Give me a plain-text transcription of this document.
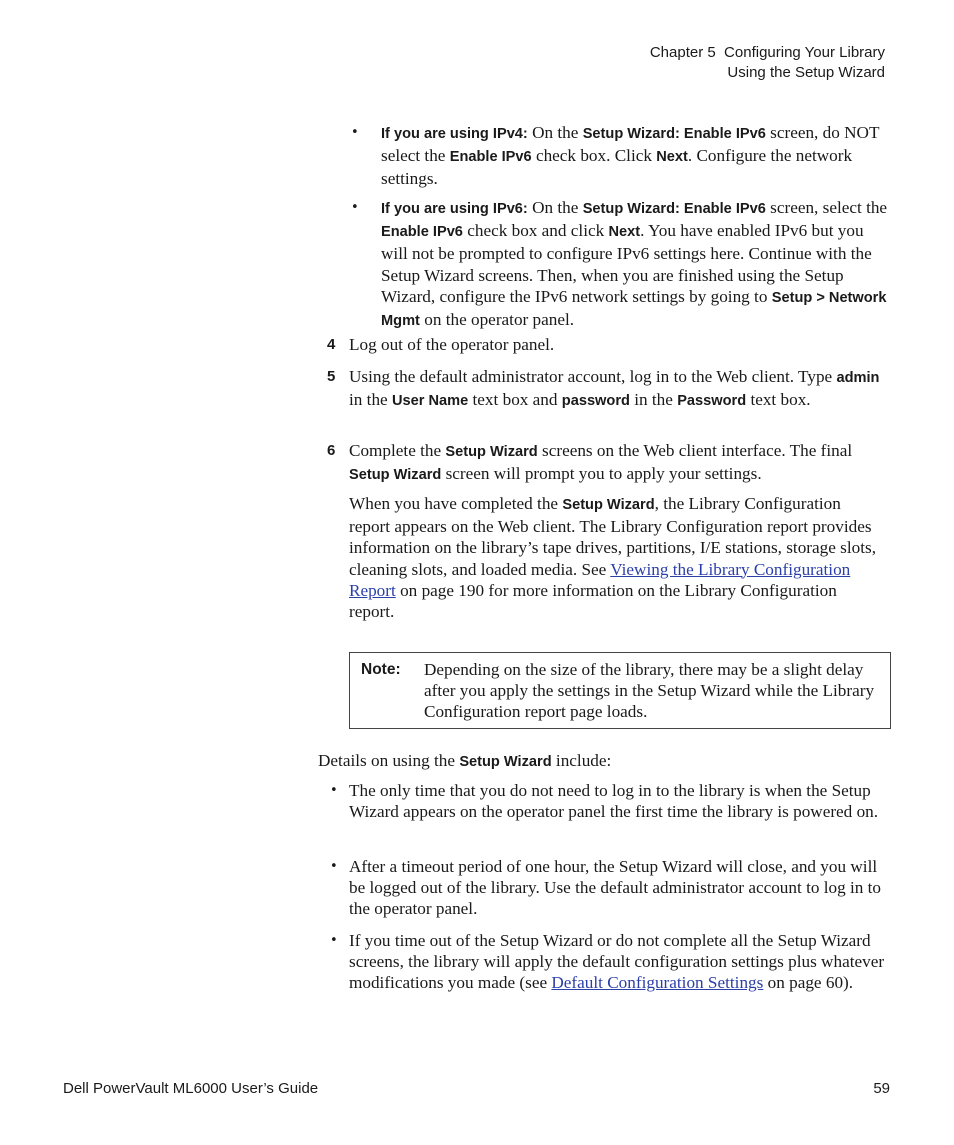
Chapter 5  Configuring Your Library
Using the Setup Wizard
• If you are using IPv4: On the Setup Wizard: Enable IPv6 screen, do NOT select the Enable IPv6 check box. Click Next. Configure the network settings.
• If you are using IPv6: On the Setup Wizard: Enable IPv6 screen, select the Enable IPv6 check box and click Next. You have enabled IPv6 but you will not be prompted to configure IPv6 settings here. Continue with the Setup Wizard screens. Then, when you are finished using the Setup Wizard, configure the IPv6 network settings by going to Setup > Network Mgmt on the operator panel.
4 Log out of the operator panel.
5 Using the default administrator account, log in to the Web client. Type admin in the User Name text box and password in the Password text box.
6 Complete the Setup Wizard screens on the Web client interface. The final Setup Wizard screen will prompt you to apply your settings.
When you have completed the Setup Wizard, the Library Configuration report appears on the Web client. The Library Configuration report provides information on the library’s tape drives, partitions, I/E stations, storage slots, cleaning slots, and loaded media. See Viewing the Library Configuration Report on page 190 for more information on the Library Configuration report.
Note: Depending on the size of the library, there may be a slight delay after you apply the settings in the Setup Wizard while the Library Configuration report page loads.
Details on using the Setup Wizard include:
• The only time that you do not need to log in to the library is when the Setup Wizard appears on the operator panel the first time the library is powered on.
• After a timeout period of one hour, the Setup Wizard will close, and you will be logged out of the library. Use the default administrator account to log in to the operator panel.
• If you time out of the Setup Wizard or do not complete all the Setup Wizard screens, the library will apply the default configuration settings plus whatever modifications you made (see Default Configuration Settings on page 60).
Dell PowerVault ML6000 User’s Guide	59
